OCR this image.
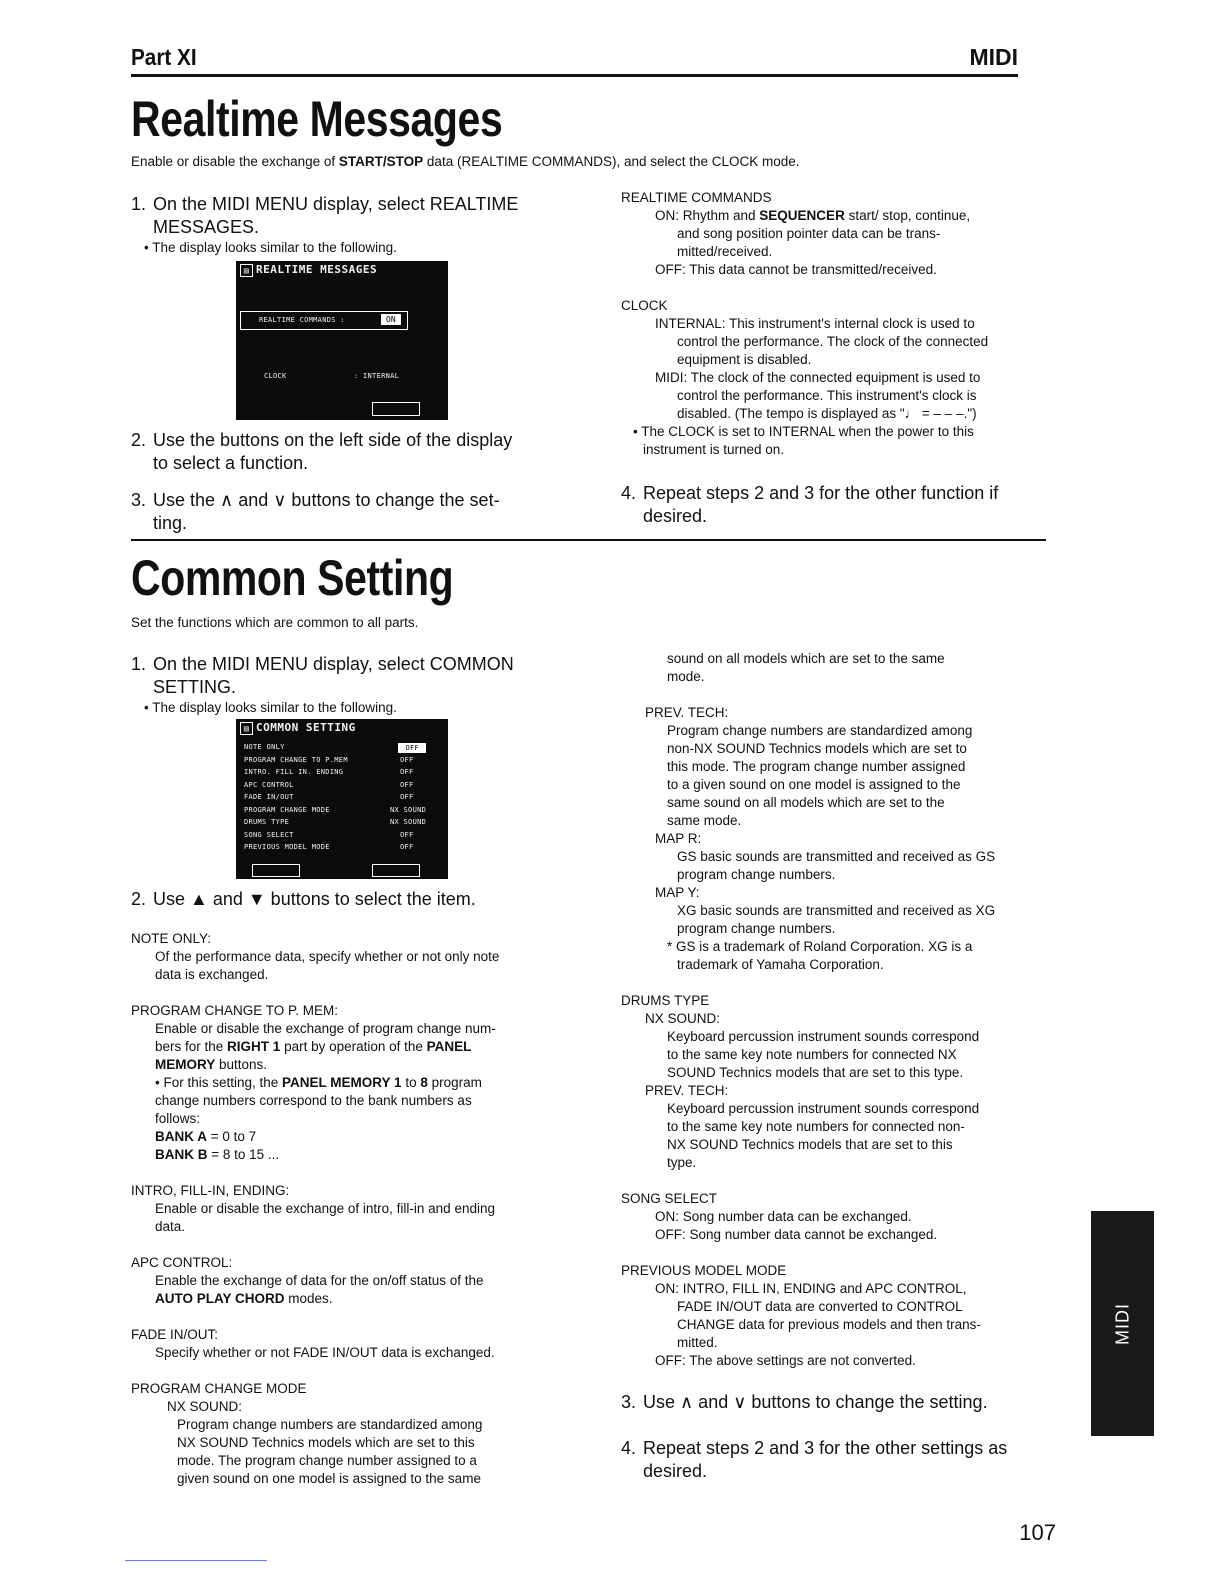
Part XI	MIDI
Realtime Messages
Enable or disable the exchange of START/STOP data (REALTIME COMMANDS), and select the CLOCK mode.
1. On the MIDI MENU display, select REALTIME
MESSAGES.
• The display looks similar to the following.
▤ REALTIME MESSAGES
REALTIME COMMANDS :	ON
CLOCK	: INTERNAL
2. Use the buttons on the left side of the display
to select a function.
3. Use the ∧ and ∨ buttons to change the set-
ting.
REALTIME COMMANDS
ON: Rhythm and SEQUENCER start/ stop, continue,
and song position pointer data can be trans-
mitted/received.
OFF: This data cannot be transmitted/received.
CLOCK
INTERNAL: This instrument's internal clock is used to
control the performance. The clock of the connected
equipment is disabled.
MIDI: The clock of the connected equipment is used to
control the performance. This instrument's clock is
disabled. (The tempo is displayed as "♩ = – – –.")
• The CLOCK is set to INTERNAL when the power to this
instrument is turned on.
4. Repeat steps 2 and 3 for the other function if
desired.
Common Setting
Set the functions which are common to all parts.
1. On the MIDI MENU display, select COMMON
SETTING.
• The display looks similar to the following.
▤ COMMON SETTING
NOTE ONLY	OFF
PROGRAM CHANGE TO P.MEM	OFF
INTRO. FILL IN. ENDING	OFF
APC CONTROL	OFF
FADE IN/OUT	OFF
PROGRAM CHANGE MODE	NX SOUND
DRUMS TYPE	NX SOUND
SONG SELECT	OFF
PREVIOUS MODEL MODE	OFF
2. Use ▲ and ▼ buttons to select the item.
NOTE ONLY:
Of the performance data, specify whether or not only note
data is exchanged.
PROGRAM CHANGE TO P. MEM:
Enable or disable the exchange of program change num-
bers for the RIGHT 1 part by operation of the PANEL
MEMORY buttons.
• For this setting, the PANEL MEMORY 1 to 8 program
change numbers correspond to the bank numbers as
follows:
BANK A = 0 to 7
BANK B = 8 to 15 ...
INTRO, FILL-IN, ENDING:
Enable or disable the exchange of intro, fill-in and ending
data.
APC CONTROL:
Enable the exchange of data for the on/off status of the
AUTO PLAY CHORD modes.
FADE IN/OUT:
Specify whether or not FADE IN/OUT data is exchanged.
PROGRAM CHANGE MODE
NX SOUND:
Program change numbers are standardized among
NX SOUND Technics models which are set to this
mode. The program change number assigned to a
given sound on one model is assigned to the same
sound on all models which are set to the same
mode.
PREV. TECH:
Program change numbers are standardized among
non-NX SOUND Technics models which are set to
this mode. The program change number assigned
to a given sound on one model is assigned to the
same sound on all models which are set to the
same mode.
MAP R:
GS basic sounds are transmitted and received as GS
program change numbers.
MAP Y:
XG basic sounds are transmitted and received as XG
program change numbers.
* GS is a trademark of Roland Corporation. XG is a
trademark of Yamaha Corporation.
DRUMS TYPE
NX SOUND:
Keyboard percussion instrument sounds correspond
to the same key note numbers for connected NX
SOUND Technics models that are set to this type.
PREV. TECH:
Keyboard percussion instrument sounds correspond
to the same key note numbers for connected non-
NX SOUND Technics models that are set to this
type.
SONG SELECT
ON: Song number data can be exchanged.
OFF: Song number data cannot be exchanged.
PREVIOUS MODEL MODE
ON: INTRO, FILL IN, ENDING and APC CONTROL,
FADE IN/OUT data are converted to CONTROL
CHANGE data for previous models and then trans-
mitted.
OFF: The above settings are not converted.
3. Use ∧ and ∨ buttons to change the setting.
4. Repeat steps 2 and 3 for the other settings as
desired.
MIDI
107
